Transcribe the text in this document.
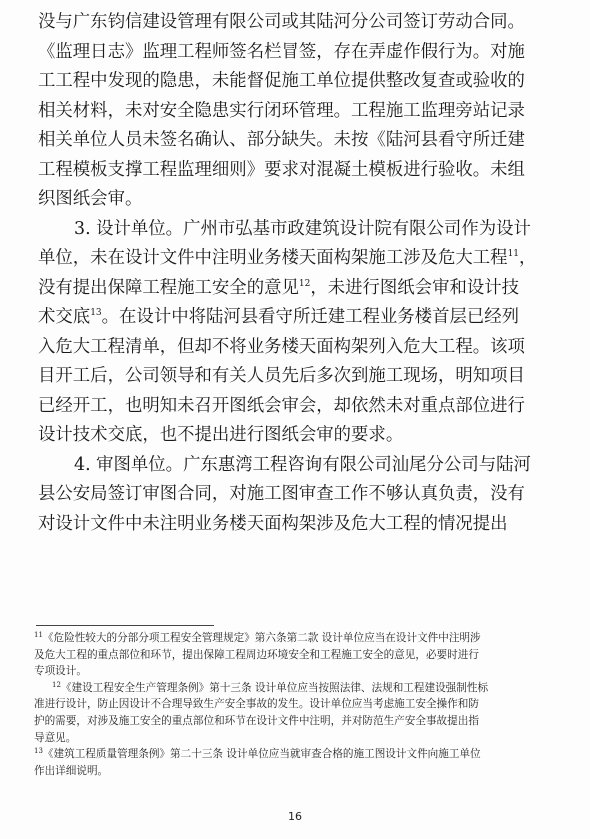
没与广东钧信建设管理有限公司或其陆河分公司签订劳动合同。
《监理日志》监理工程师签名栏冒签，存在弄虚作假行为。对施
工工程中发现的隐患，未能督促施工单位提供整改复查或验收的
相关材料，未对安全隐患实行闭环管理。工程施工监理旁站记录
相关单位人员未签名确认、部分缺失。未按《陆河县看守所迁建
工程模板支撑工程监理细则》要求对混凝土模板进行验收。未组
织图纸会审。
3. 设计单位。广州市弘基市政建筑设计院有限公司作为设计
单位，未在设计文件中注明业务楼天面构架施工涉及危大工程$^{11}$，
没有提出保障工程施工安全的意见$^{12}$，未进行图纸会审和设计技
术交底$^{13}$。在设计中将陆河县看守所迁建工程业务楼首层已经列
入危大工程清单，但却不将业务楼天面构架列入危大工程。该项
目开工后，公司领导和有关人员先后多次到施工现场，明知项目
已经开工，也明知未召开图纸会审会，却依然未对重点部位进行
设计技术交底，也不提出进行图纸会审的要求。
4. 审图单位。广东惠湾工程咨询有限公司汕尾分公司与陆河
县公安局签订审图合同，对施工图审查工作不够认真负责，没有
对设计文件中未注明业务楼天面构架涉及危大工程的情况提出
$^{11}$《危险性较大的分部分项工程安全管理规定》第六条第二款 设计单位应当在设计文件中注明涉
及危大工程的重点部位和环节，提出保障工程周边环境安全和工程施工安全的意见，必要时进行
专项设计。
$^{12}$《建设工程安全生产管理条例》第十三条 设计单位应当按照法律、法规和工程建设强制性标
准进行设计，防止因设计不合理导致生产安全事故的发生。设计单位应当考虑施工安全操作和防
护的需要，对涉及施工安全的重点部位和环节在设计文件中注明，并对防范生产安全事故提出指
导意见。
$^{13}$《建筑工程质量管理条例》第二十三条 设计单位应当就审查合格的施工图设计文件向施工单位
作出详细说明。
16
